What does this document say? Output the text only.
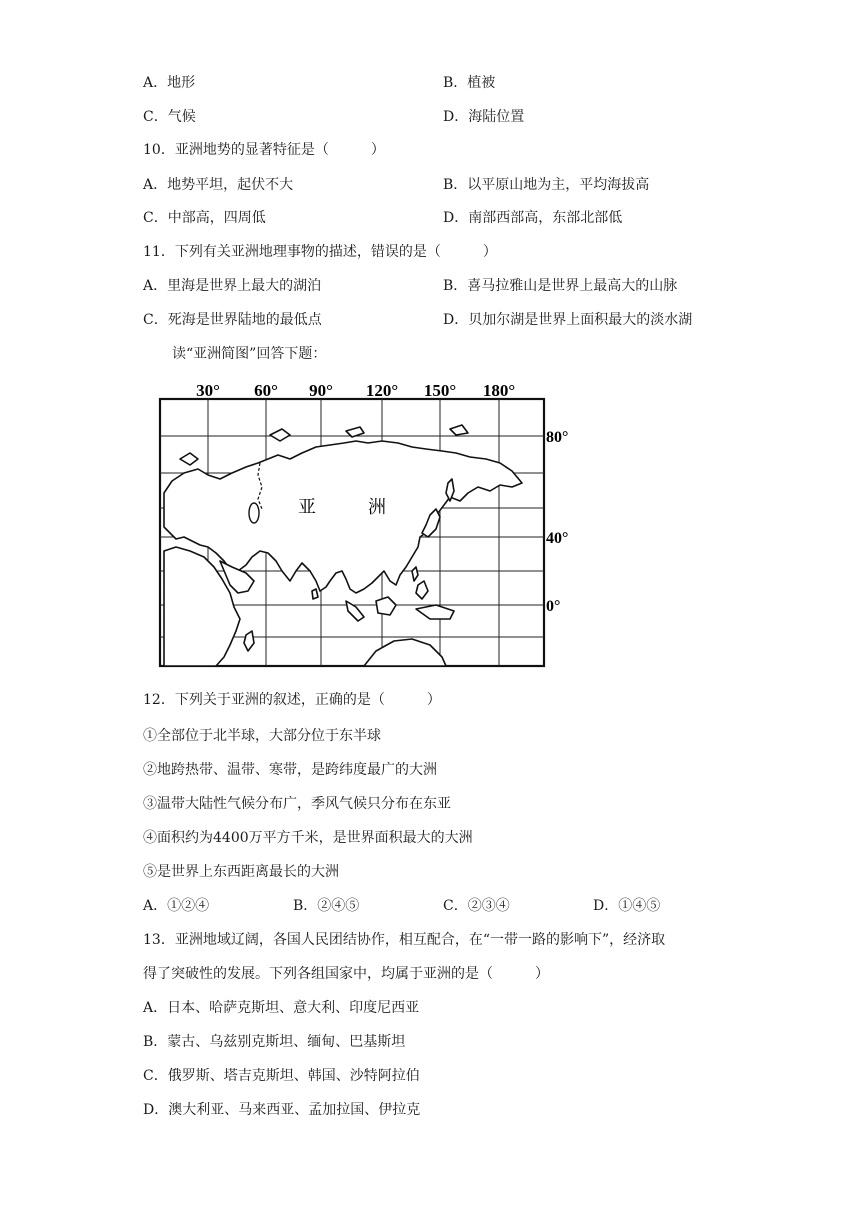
A．地形	B．植被
C．气候	D．海陆位置
10．亚洲地势的显著特征是（　　　）
A．地势平坦，起伏不大	B．以平原山地为主，平均海拔高
C．中部高，四周低	D．南部西部高，东部北部低
11．下列有关亚洲地理事物的描述，错误的是（　　　）
A．里海是世界上最大的湖泊	B．喜马拉雅山是世界上最高大的山脉
C．死海是世界陆地的最低点	D．贝加尔湖是世界上面积最大的淡水湖
读“亚洲简图”回答下题：
30° 60° 90° 120° 150° 180°
80°
40°
0°
亚	洲
12．下列关于亚洲的叙述，正确的是（　　　）
①全部位于北半球，大部分位于东半球
②地跨热带、温带、寒带，是跨纬度最广的大洲
③温带大陆性气候分布广，季风气候只分布在东亚
④面积约为4400万平方千米，是世界面积最大的大洲
⑤是世界上东西距离最长的大洲
A．①②④	B．②④⑤	C．②③④	D．①④⑤
13．亚洲地域辽阔，各国人民团结协作，相互配合，在“一带一路的影响下”，经济取
得了突破性的发展。下列各组国家中，均属于亚洲的是（　　　）
A．日本、哈萨克斯坦、意大利、印度尼西亚
B．蒙古、乌兹别克斯坦、缅甸、巴基斯坦
C．俄罗斯、塔吉克斯坦、韩国、沙特阿拉伯
D．澳大利亚、马来西亚、孟加拉国、伊拉克
